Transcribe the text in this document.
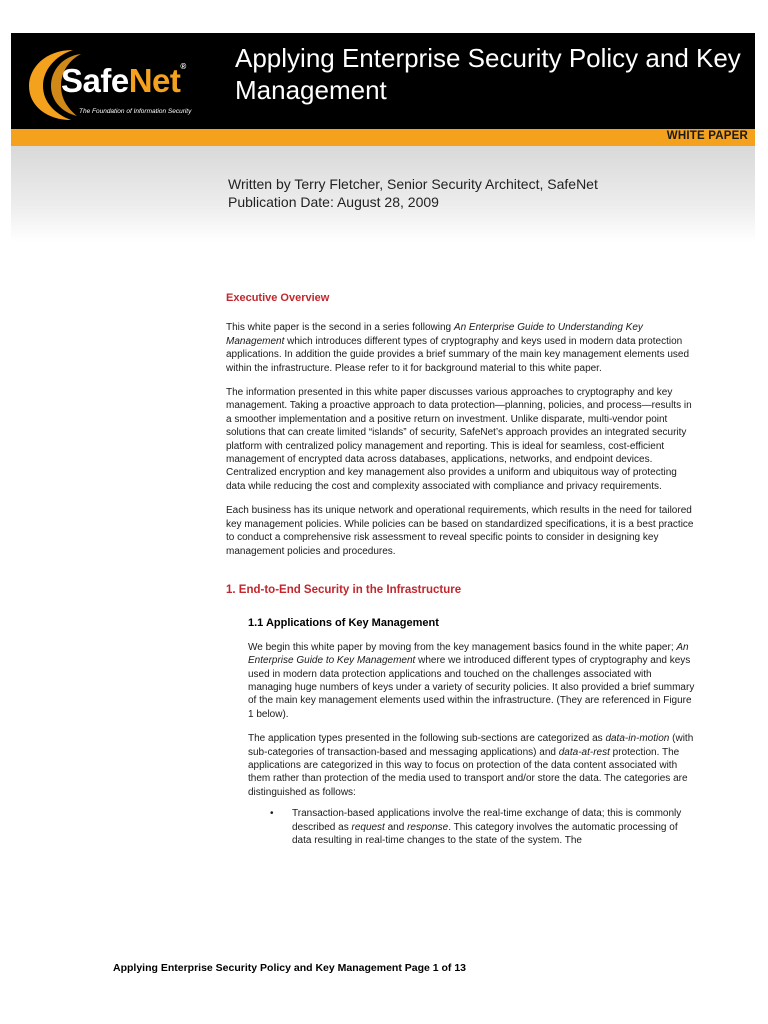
WHITE PAPER
SafeNet®
The Foundation of Information Security
Applying Enterprise Security Policy and Key Management
Written by Terry Fletcher, Senior Security Architect, SafeNet
Publication Date: August 28, 2009
Executive Overview

This white paper is the second in a series following An Enterprise Guide to Understanding Key Management which introduces different types of cryptography and keys used in modern data protection applications. In addition the guide provides a brief summary of the main key management elements used within the infrastructure. Please refer to it for background material to this white paper.

The information presented in this white paper discusses various approaches to cryptography and key management. Taking a proactive approach to data protection—planning, policies, and process—results in a smoother implementation and a positive return on investment. Unlike disparate, multi-vendor point solutions that can create limited “islands” of security, SafeNet’s approach provides an integrated security platform with centralized policy management and reporting. This is ideal for seamless, cost-efficient management of encrypted data across databases, applications, networks, and endpoint devices. Centralized encryption and key management also provides a uniform and ubiquitous way of protecting data while reducing the cost and complexity associated with compliance and privacy requirements.

Each business has its unique network and operational requirements, which results in the need for tailored key management policies. While policies can be based on standardized specifications, it is a best practice to conduct a comprehensive risk assessment to reveal specific points to consider in designing key management policies and procedures.

1. End-to-End Security in the Infrastructure
1.1 Applications of Key Management

We begin this white paper by moving from the key management basics found in the white paper; An Enterprise Guide to Key Management where we introduced different types of cryptography and keys used in modern data protection applications and touched on the challenges associated with managing huge numbers of keys under a variety of security policies. It also provided a brief summary of the main key management elements used within the infrastructure. (They are referenced in Figure 1 below).

The application types presented in the following sub-sections are categorized as data-in-motion (with sub-categories of transaction-based and messaging applications) and data-at-rest protection. The applications are categorized in this way to focus on protection of the data content associated with them rather than protection of the media used to transport and/or store the data. The categories are distinguished as follows:

•	Transaction-based applications involve the real-time exchange of data; this is commonly described as request and response. This category involves the automatic processing of data resulting in real-time changes to the state of the system. The
Applying Enterprise Security Policy and Key Management Page 1 of 13
